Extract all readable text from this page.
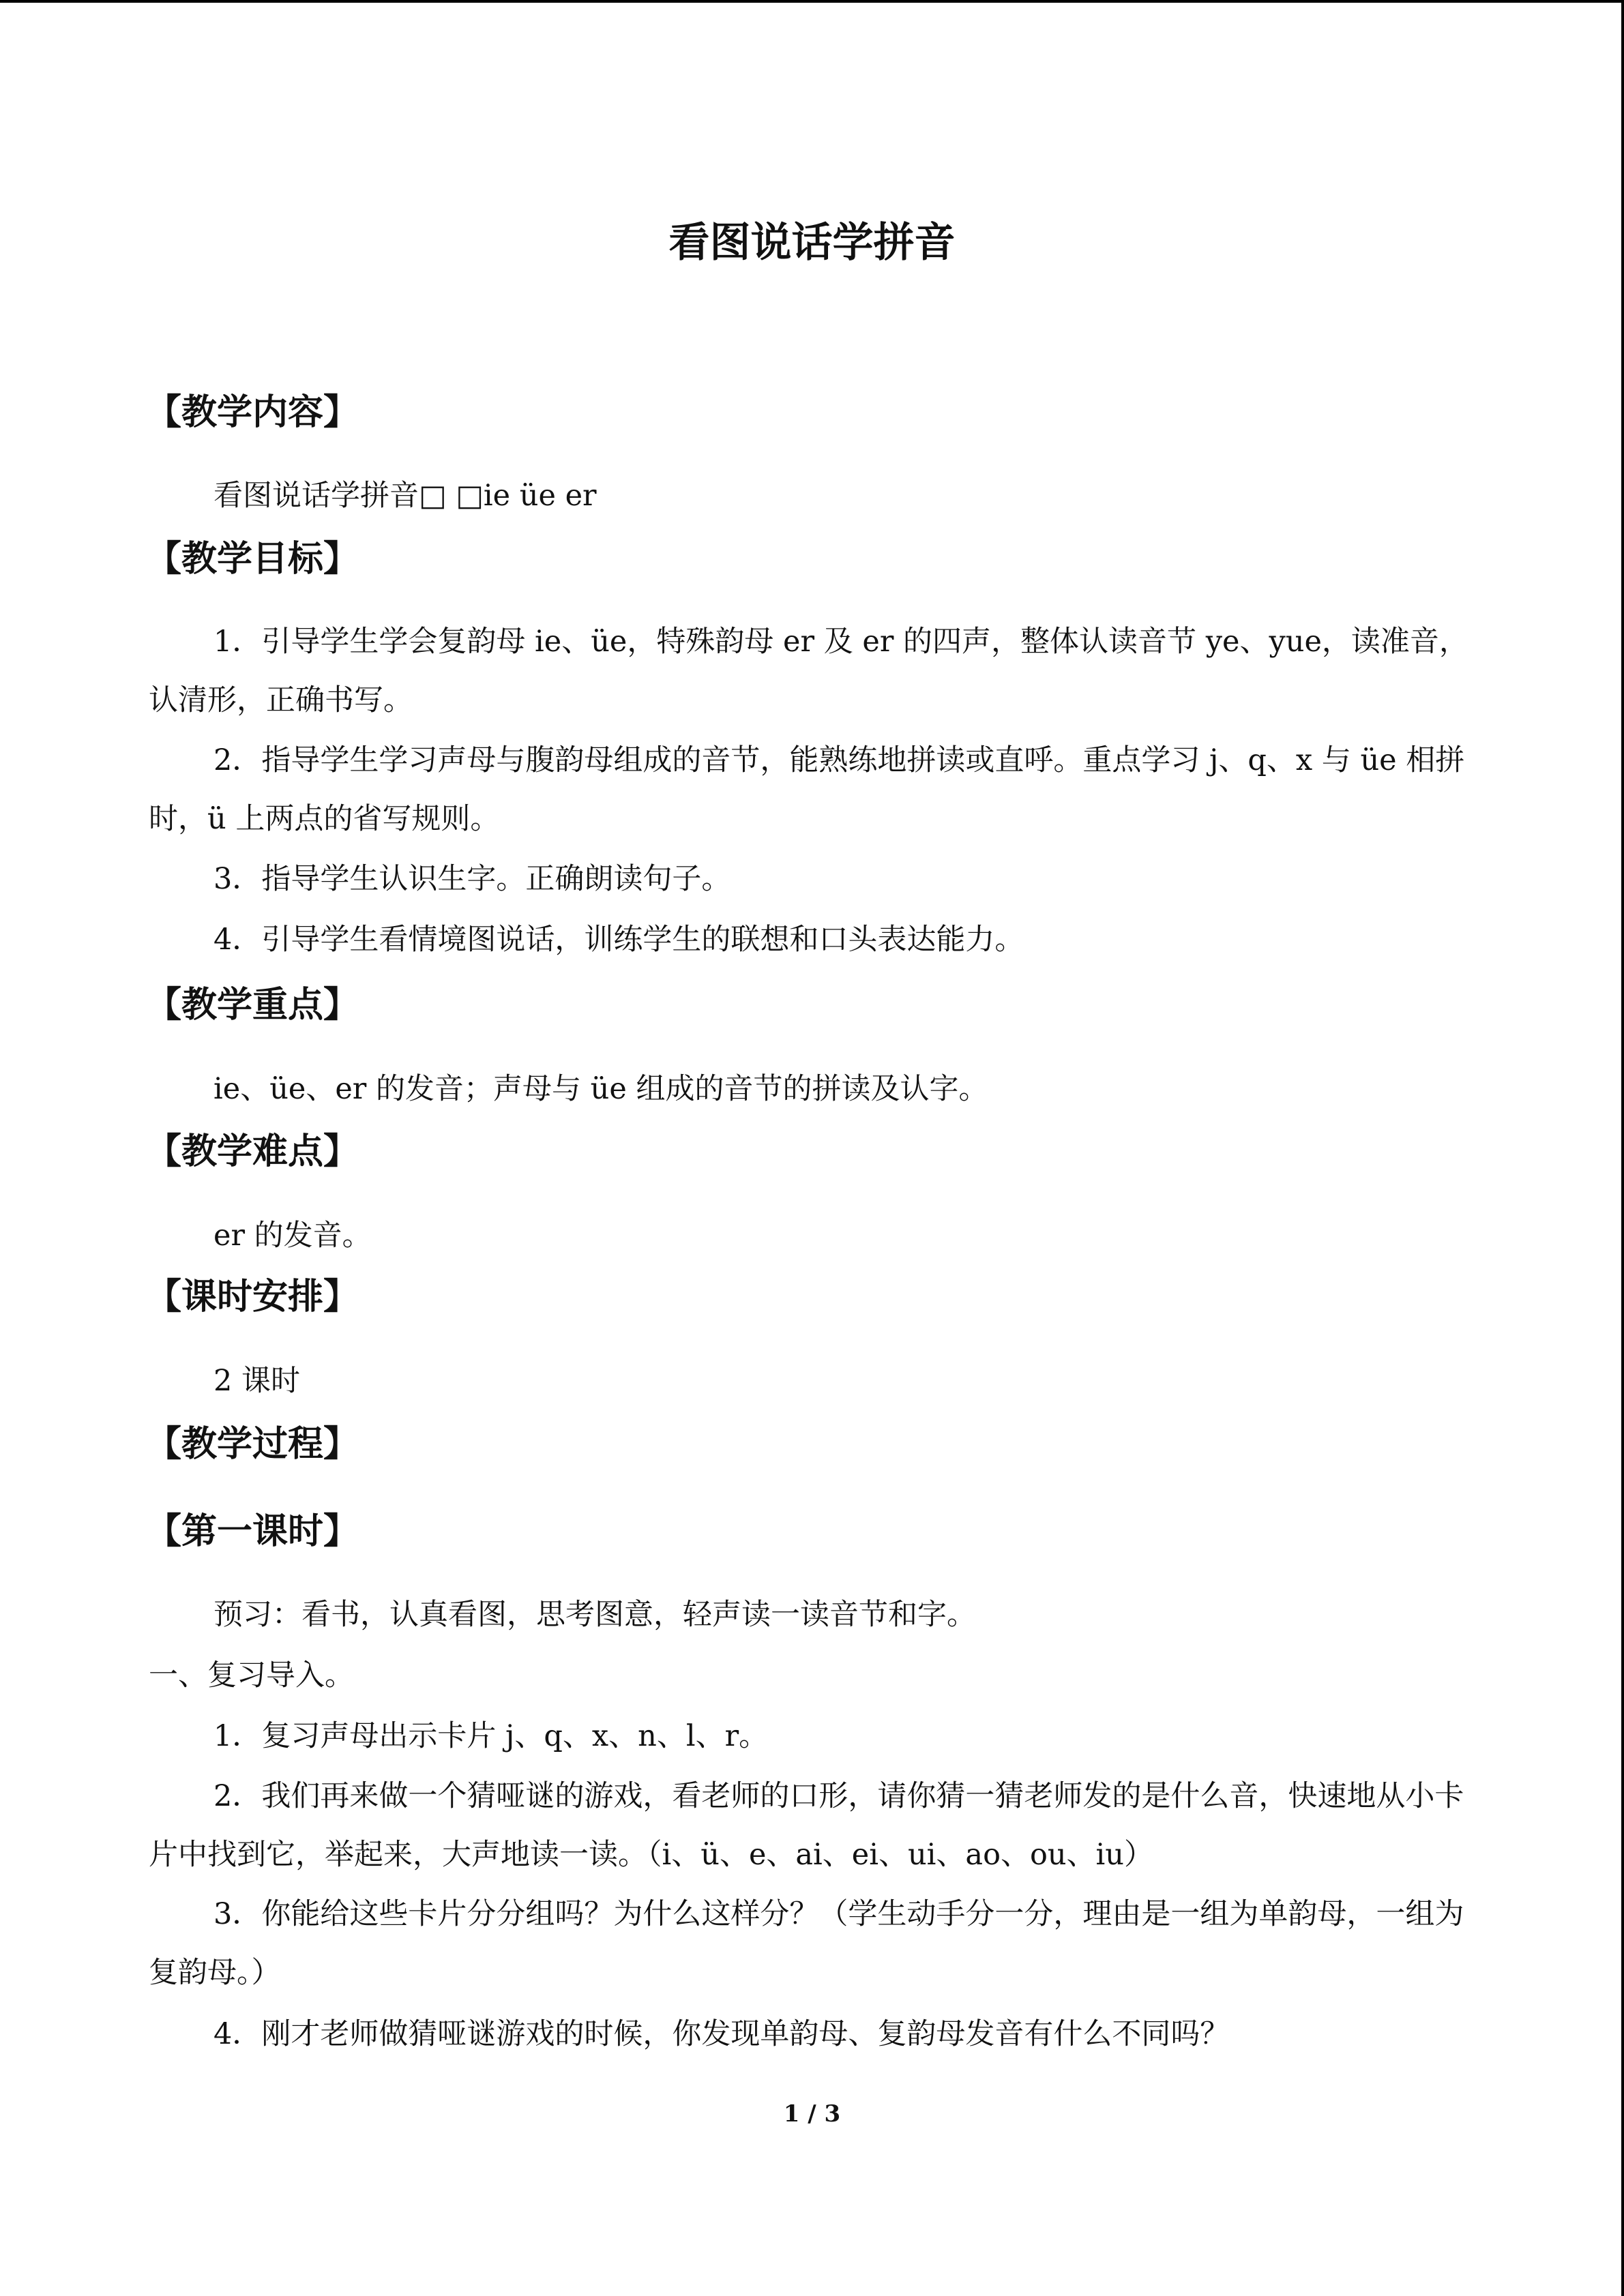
看图说话学拼音
【教学内容】
看图说话学拼音□ □ie üe er
【教学目标】
1．引导学生学会复韵母 ie、üe，特殊韵母 er 及 er 的四声，整体认读音节 ye、yue，读准音，认清形，正确书写。
2．指导学生学习声母与腹韵母组成的音节，能熟练地拼读或直呼。重点学习 j、q、x 与 üe 相拼时，ü 上两点的省写规则。
3．指导学生认识生字。正确朗读句子。
4．引导学生看情境图说话，训练学生的联想和口头表达能力。
【教学重点】
ie、üe、er 的发音；声母与 üe 组成的音节的拼读及认字。
【教学难点】
er 的发音。
【课时安排】
2 课时
【教学过程】
【第一课时】
预习：看书，认真看图，思考图意，轻声读一读音节和字。
一、复习导入。
1．复习声母出示卡片 j、q、x、n、l、r。
2．我们再来做一个猜哑谜的游戏，看老师的口形，请你猜一猜老师发的是什么音，快速地从小卡片中找到它，举起来，大声地读一读。（i、ü、e、ai、ei、ui、ao、ou、iu）
3．你能给这些卡片分分组吗？为什么这样分？（学生动手分一分，理由是一组为单韵母，一组为复韵母。）
4．刚才老师做猜哑谜游戏的时候，你发现单韵母、复韵母发音有什么不同吗？
1 / 3
